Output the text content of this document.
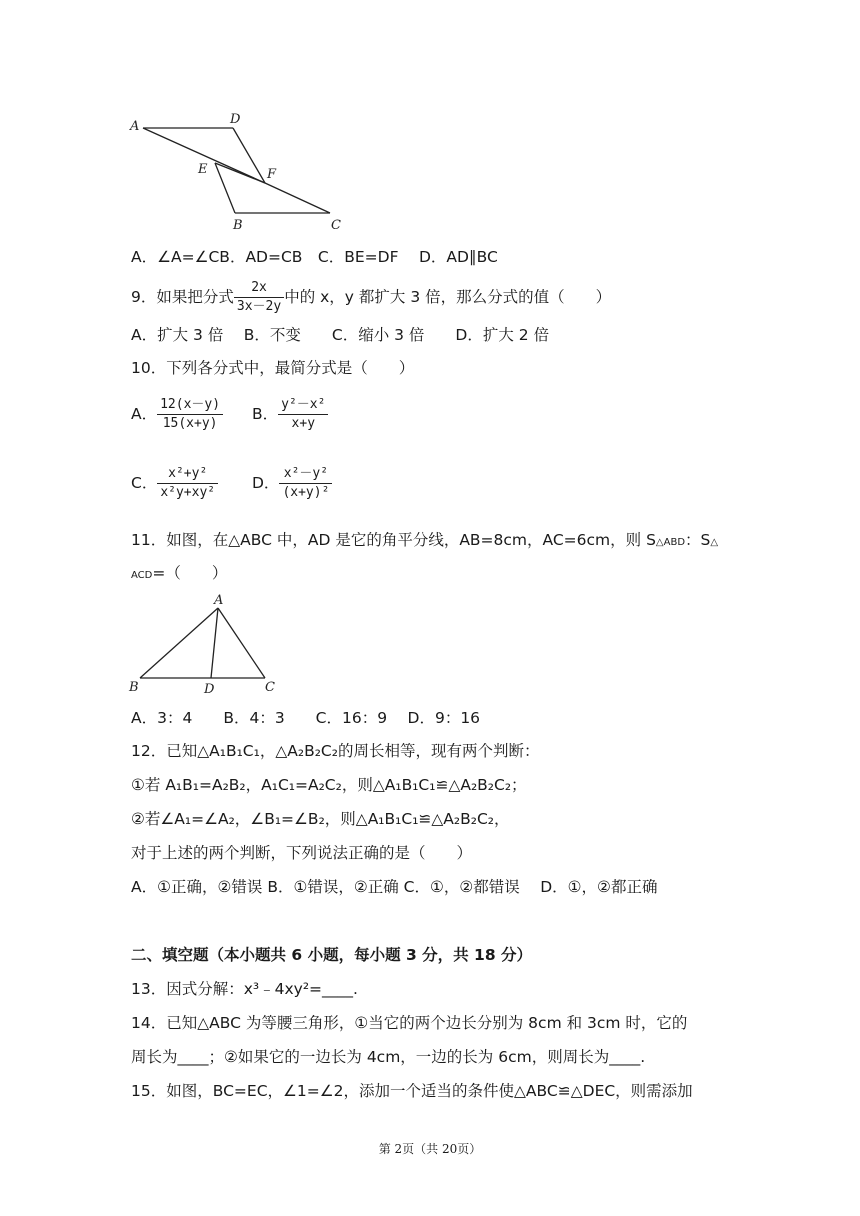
A	D
E	F
B	C
A．∠A=∠CB．AD=CB　C．BE=DF　 D．AD∥BC
9．如果把分式 $\frac{2x}{3x-2y}$ 中的 x，y 都扩大 3 倍，那么分式的值（　　）
A．扩大 3 倍　 B．不变　　C．缩小 3 倍　　D．扩大 2 倍
10．下列各分式中，最简分式是（　　）
A． $\frac{12(x-y)}{15(x+y)}$ B． $\frac{\text{y²－x²}}{x+y}$
C． $\frac{\text{x²+y²}}{\text{x²y+xy²}}$ D． $\frac{\text{x²－y²}}{\text{(x+y)²}}$
11．如图，在△ABC 中，AD 是它的角平分线，AB=8cm，AC=6cm，则 S△ABD：S△
ACD=（　　）
A
B	D	C
A．3：4　　B．4：3　　C．16：9　 D．9：16
12．已知△A₁B₁C₁，△A₂B₂C₂的周长相等，现有两个判断：
①若 A₁B₁=A₂B₂，A₁C₁=A₂C₂，则△A₁B₁C₁≌△A₂B₂C₂；
②若∠A₁=∠A₂，∠B₁=∠B₂，则△A₁B₁C₁≌△A₂B₂C₂，
对于上述的两个判断，下列说法正确的是（　　）
A．①正确，②错误 B．①错误，②正确 C．①，②都错误　 D．①，②都正确
二、填空题（本小题共 6 小题，每小题 3 分，共 18 分）
13．因式分解：x³﹣4xy²=____.
14．已知△ABC 为等腰三角形，①当它的两个边长分别为 8cm 和 3cm 时，它的
周长为____；②如果它的一边长为 4cm，一边的长为 6cm，则周长为____.
15．如图，BC=EC，∠1=∠2，添加一个适当的条件使△ABC≌△DEC，则需添加
第 2页（共 20页）
